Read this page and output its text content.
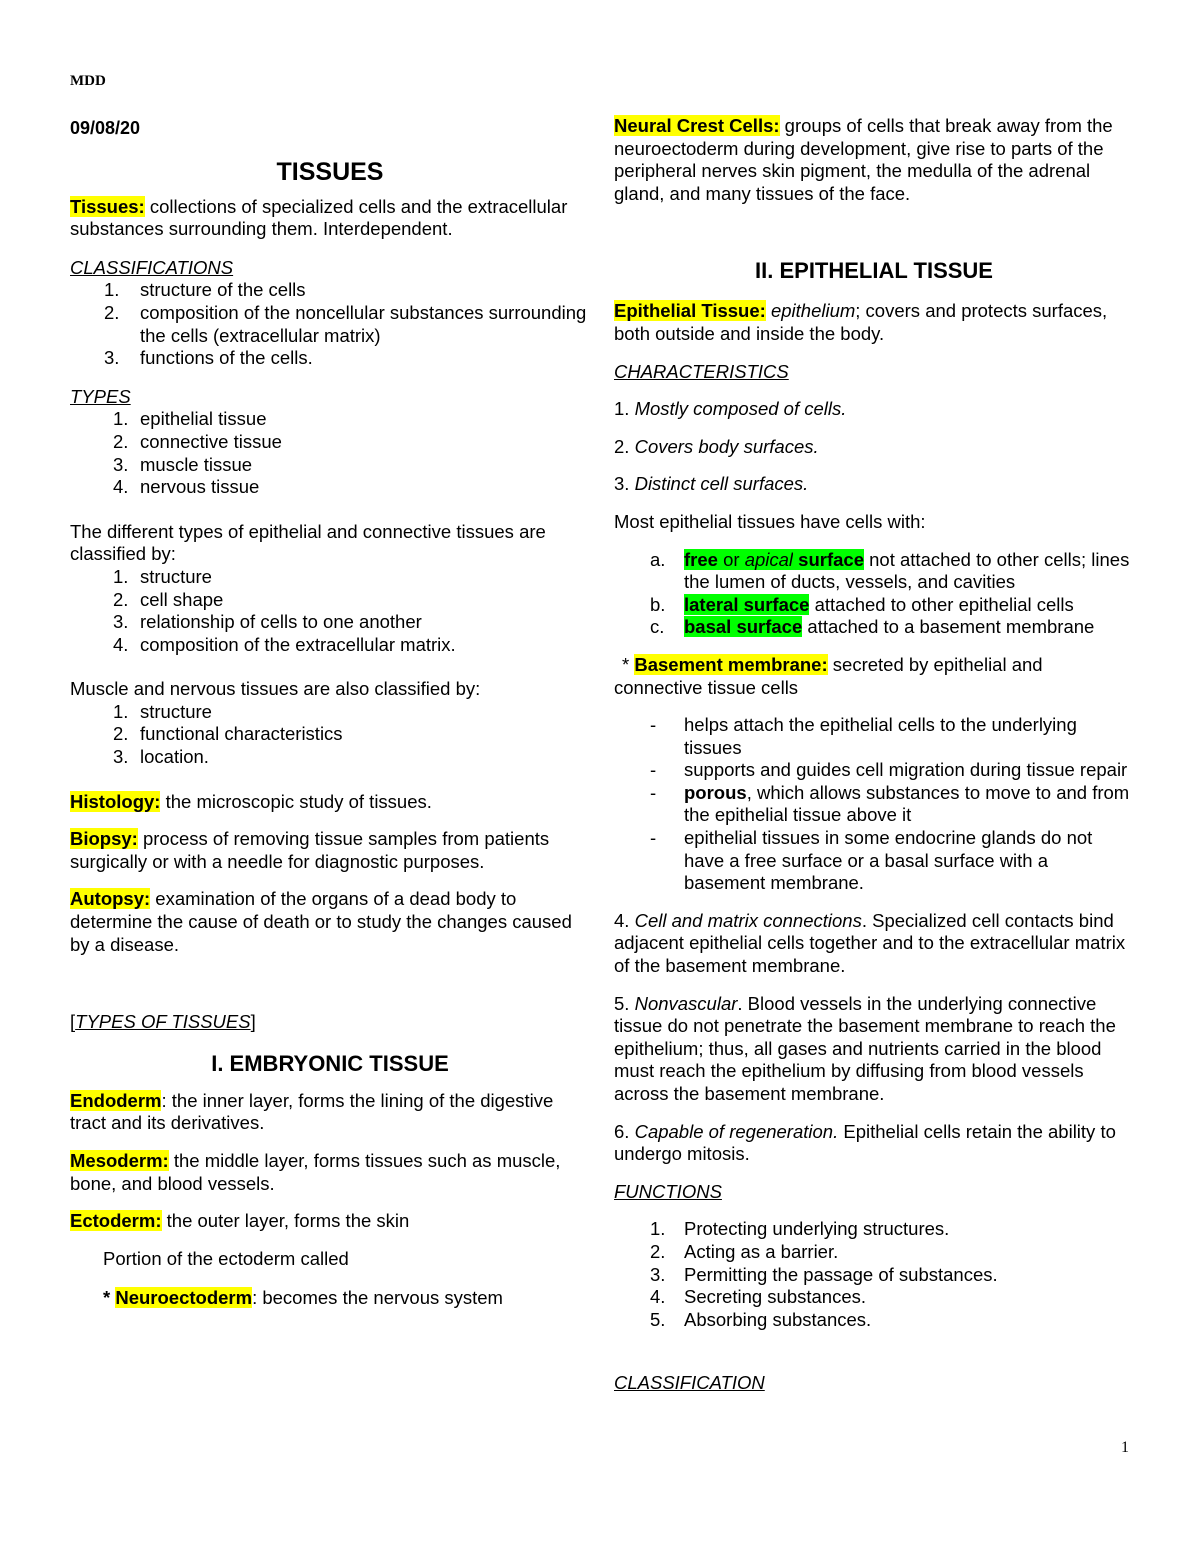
MDD

09/08/20

TISSUES

Tissues: collections of specialized cells and the extracellular substances surrounding them. Interdependent.

CLASSIFICATIONS

1. structure of the cells
2. composition of the noncellular substances surrounding the cells (extracellular matrix)
3. functions of the cells.

TYPES

1. epithelial tissue
2. connective tissue
3. muscle tissue
4. nervous tissue

The different types of epithelial and connective tissues are classified by:

1. structure
2. cell shape
3. relationship of cells to one another
4. composition of the extracellular matrix.

Muscle and nervous tissues are also classified by:

1. structure
2. functional characteristics
3. location.

Histology: the microscopic study of tissues.

Biopsy: process of removing tissue samples from patients surgically or with a needle for diagnostic purposes.

Autopsy: examination of the organs of a dead body to determine the cause of death or to study the changes caused by a disease.

[TYPES OF TISSUES]

I. EMBRYONIC TISSUE

Endoderm: the inner layer, forms the lining of the digestive tract and its derivatives.

Mesoderm: the middle layer, forms tissues such as muscle, bone, and blood vessels.

Ectoderm: the outer layer, forms the skin

Portion of the ectoderm called

* Neuroectoderm: becomes the nervous system

Neural Crest Cells: groups of cells that break away from the neuroectoderm during development, give rise to parts of the peripheral nerves skin pigment, the medulla of the adrenal gland, and many tissues of the face.

II. EPITHELIAL TISSUE

Epithelial Tissue: epithelium; covers and protects surfaces, both outside and inside the body.

CHARACTERISTICS

1. Mostly composed of cells.

2. Covers body surfaces.

3. Distinct cell surfaces.

Most epithelial tissues have cells with:

a. free or apical surface not attached to other cells; lines the lumen of ducts, vessels, and cavities
b. lateral surface attached to other epithelial cells
c. basal surface attached to a basement membrane

* Basement membrane: secreted by epithelial and connective tissue cells

- helps attach the epithelial cells to the underlying tissues
- supports and guides cell migration during tissue repair
- porous, which allows substances to move to and from the epithelial tissue above it
- epithelial tissues in some endocrine glands do not have a free surface or a basal surface with a basement membrane.

4. Cell and matrix connections. Specialized cell contacts bind adjacent epithelial cells together and to the extracellular matrix of the basement membrane.

5. Nonvascular. Blood vessels in the underlying connective tissue do not penetrate the basement membrane to reach the epithelium; thus, all gases and nutrients carried in the blood must reach the epithelium by diffusing from blood vessels across the basement membrane.

6. Capable of regeneration. Epithelial cells retain the ability to undergo mitosis.

FUNCTIONS

1. Protecting underlying structures.
2. Acting as a barrier.
3. Permitting the passage of substances.
4. Secreting substances.
5. Absorbing substances.

CLASSIFICATION

1
